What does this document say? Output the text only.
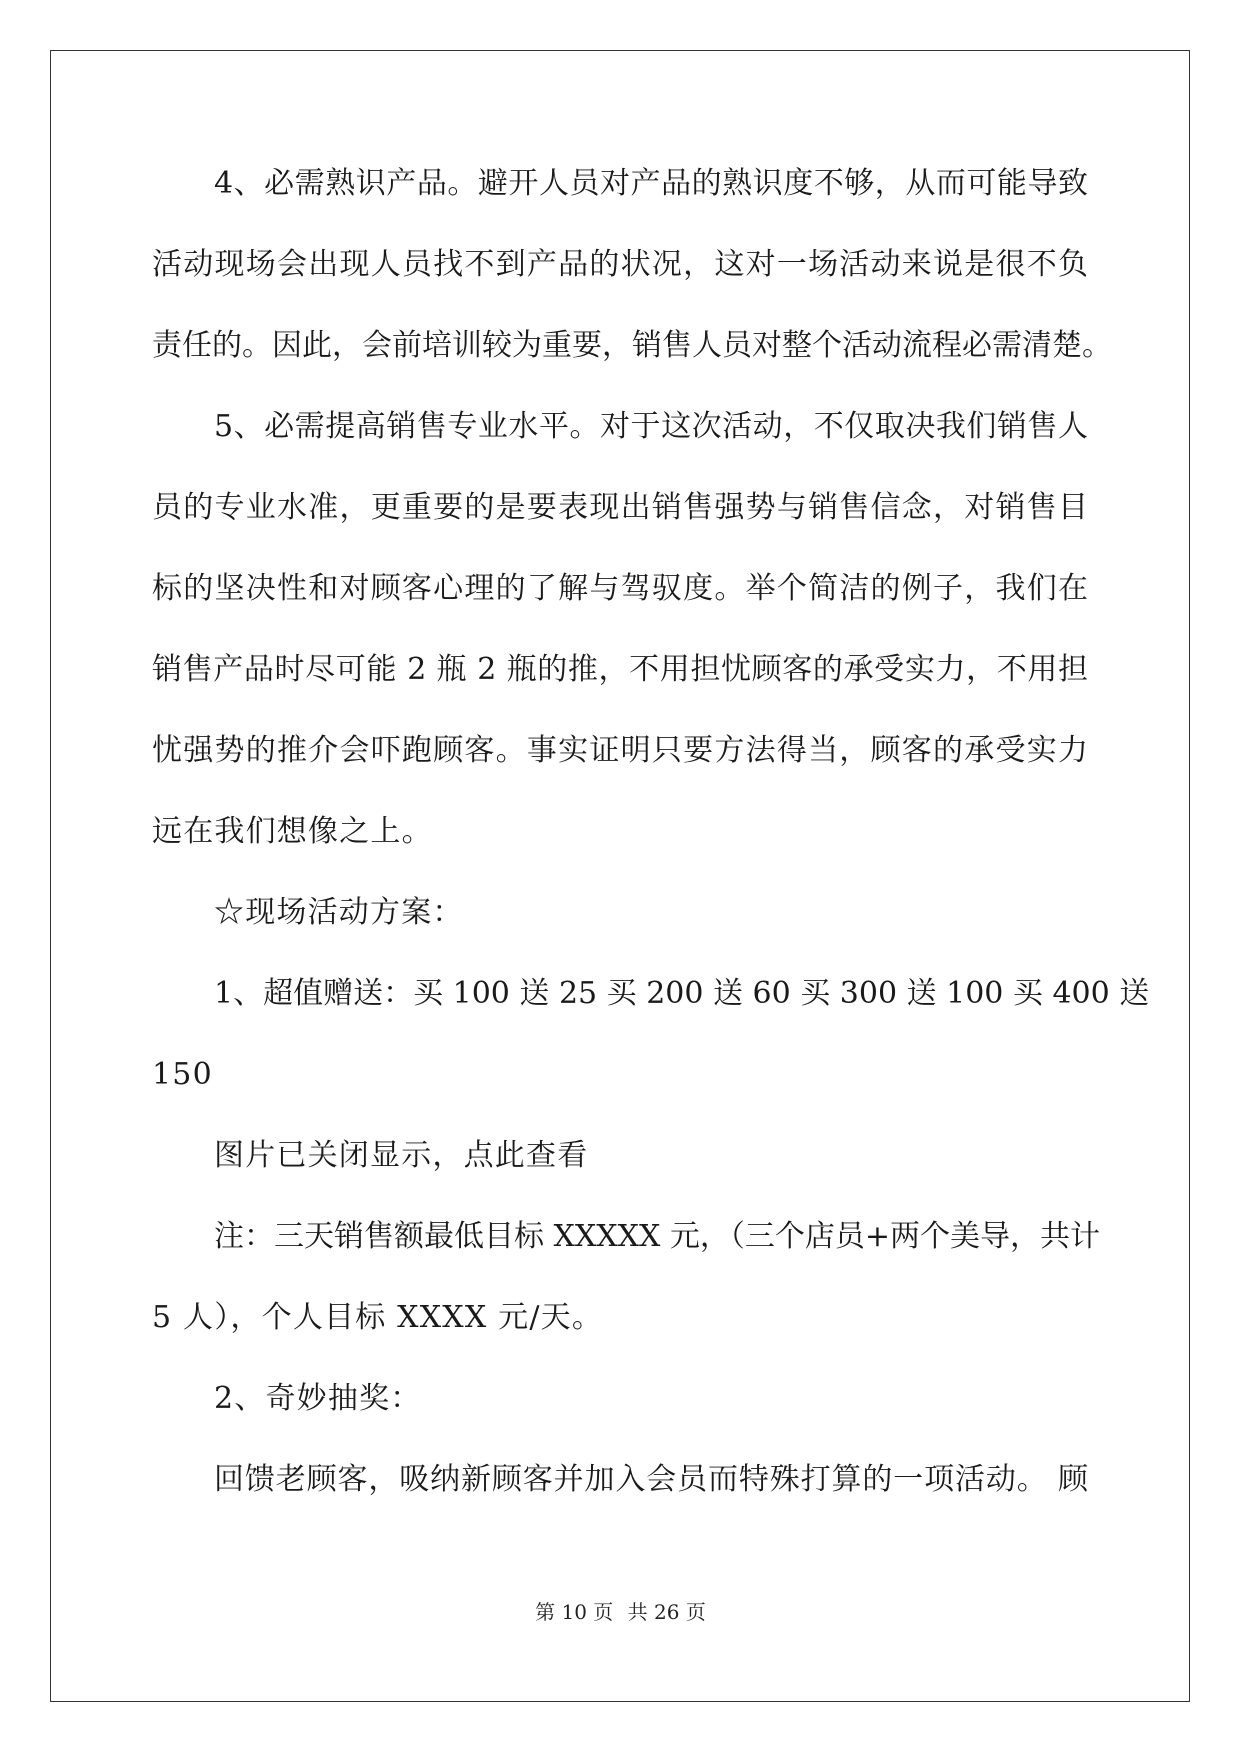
4、必需熟识产品。避开人员对产品的熟识度不够，从而可能导致
活动现场会出现人员找不到产品的状况，这对一场活动来说是很不负
责任的。因此，会前培训较为重要，销售人员对整个活动流程必需清楚。
5、必需提高销售专业水平。对于这次活动，不仅取决我们销售人
员的专业水准，更重要的是要表现出销售强势与销售信念，对销售目
标的坚决性和对顾客心理的了解与驾驭度。举个简洁的例子，我们在
销售产品时尽可能 2 瓶 2 瓶的推，不用担忧顾客的承受实力，不用担
忧强势的推介会吓跑顾客。事实证明只要方法得当，顾客的承受实力
远在我们想像之上。
☆现场活动方案：
1、超值赠送：买 100 送 25 买 200 送 60 买 300 送 100 买 400 送
150
图片已关闭显示，点此查看
注：三天销售额最低目标 XXXXX 元，（三个店员+两个美导，共计
5 人），个人目标 XXXX 元/天。
2、奇妙抽奖：
回馈老顾客，吸纳新顾客并加入会员而特殊打算的一项活动。 顾
第 10 页 共 26 页
